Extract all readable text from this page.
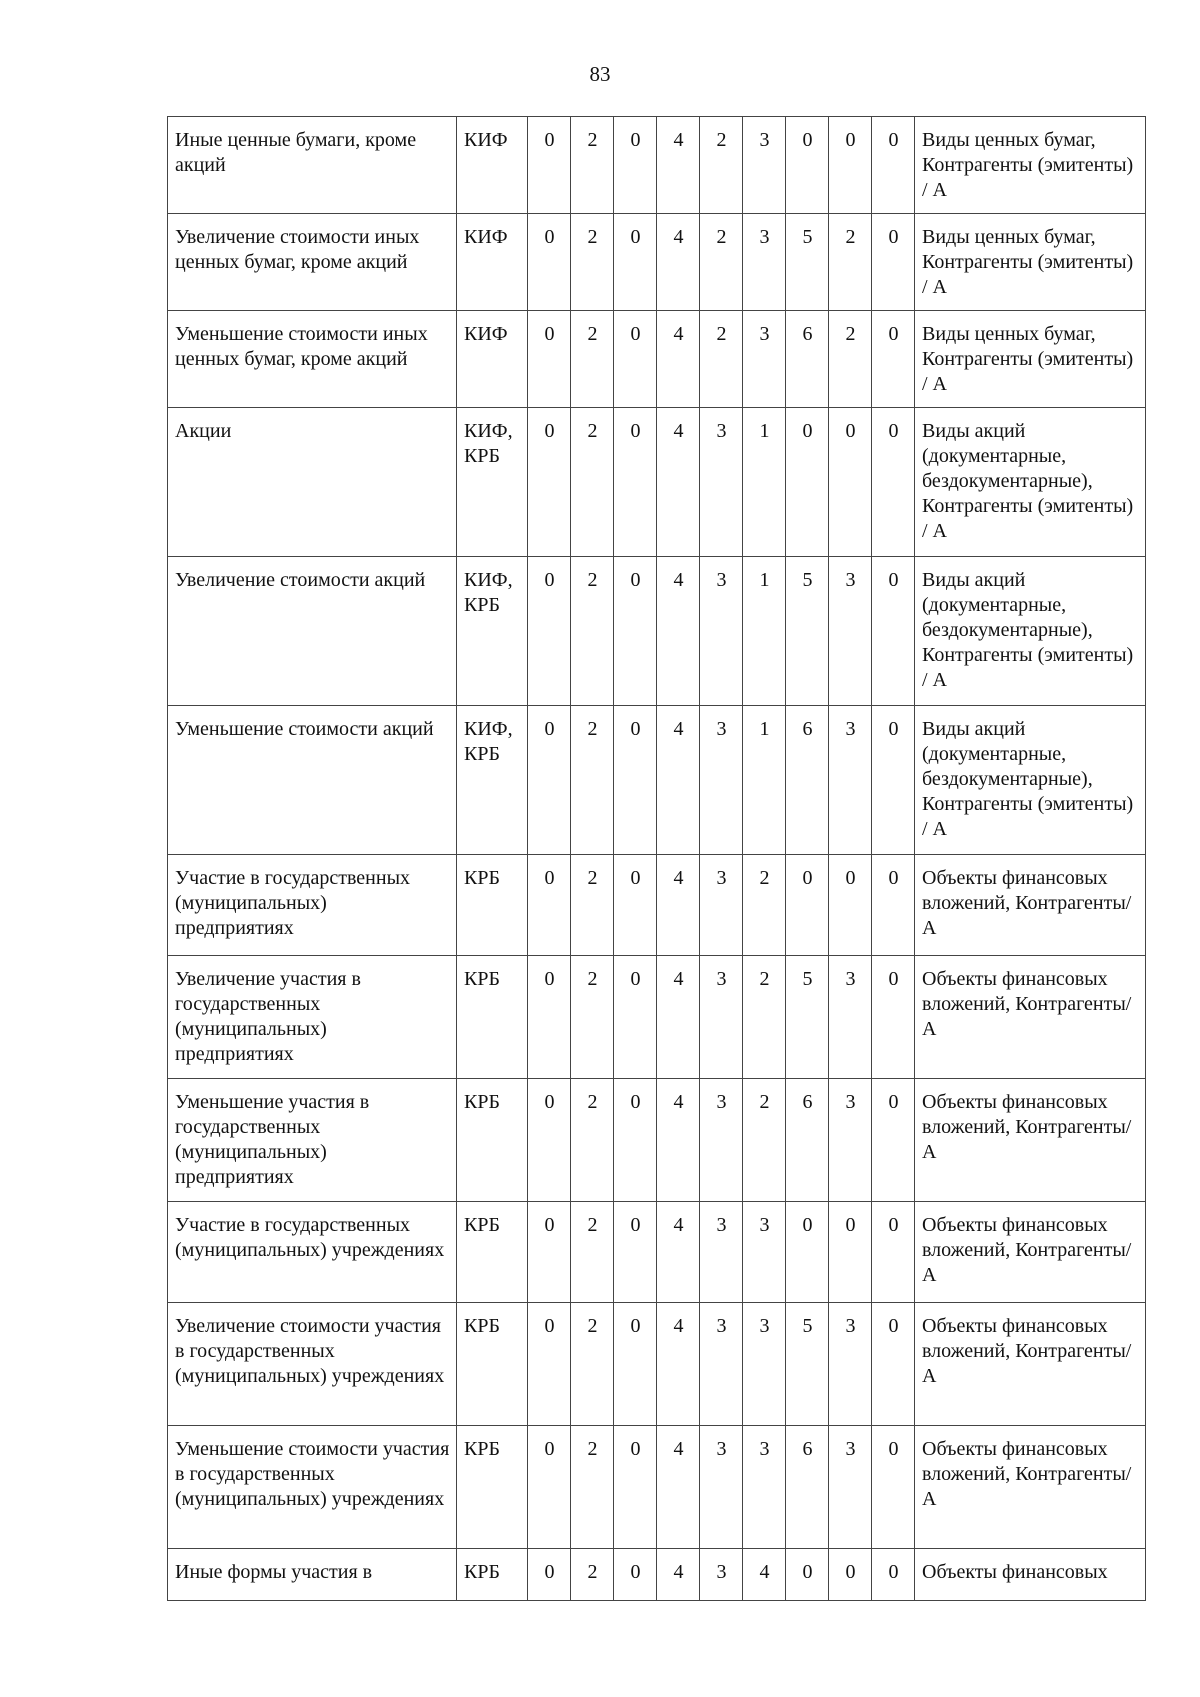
83
Иные ценные бумаги, кроме акций	КИФ	0	2	0	4	2	3	0	0	0	Виды ценных бумаг, Контрагенты (эмитенты) / А
Увеличение стоимости иных ценных бумаг, кроме акций	КИФ	0	2	0	4	2	3	5	2	0	Виды ценных бумаг, Контрагенты (эмитенты) / А
Уменьшение стоимости иных ценных бумаг, кроме акций	КИФ	0	2	0	4	2	3	6	2	0	Виды ценных бумаг, Контрагенты (эмитенты) / А
Акции	КИФ, КРБ	0	2	0	4	3	1	0	0	0	Виды акций (документарные, бездокументарные), Контрагенты (эмитенты) / А
Увеличение стоимости акций	КИФ, КРБ	0	2	0	4	3	1	5	3	0	Виды акций (документарные, бездокументарные), Контрагенты (эмитенты) / А
Уменьшение стоимости акций	КИФ, КРБ	0	2	0	4	3	1	6	3	0	Виды акций (документарные, бездокументарные), Контрагенты (эмитенты) / А
Участие в государственных (муниципальных) предприятиях	КРБ	0	2	0	4	3	2	0	0	0	Объекты финансовых вложений, Контрагенты/ А
Увеличение участия в государственных (муниципальных) предприятиях	КРБ	0	2	0	4	3	2	5	3	0	Объекты финансовых вложений, Контрагенты/ А
Уменьшение участия в государственных (муниципальных) предприятиях	КРБ	0	2	0	4	3	2	6	3	0	Объекты финансовых вложений, Контрагенты/ А
Участие в государственных (муниципальных) учреждениях	КРБ	0	2	0	4	3	3	0	0	0	Объекты финансовых вложений, Контрагенты/ А
Увеличение стоимости участия в государственных (муниципальных) учреждениях	КРБ	0	2	0	4	3	3	5	3	0	Объекты финансовых вложений, Контрагенты/ А
Уменьшение стоимости участия в государственных (муниципальных) учреждениях	КРБ	0	2	0	4	3	3	6	3	0	Объекты финансовых вложений, Контрагенты/ А
Иные формы участия в	КРБ	0	2	0	4	3	4	0	0	0	Объекты финансовых
